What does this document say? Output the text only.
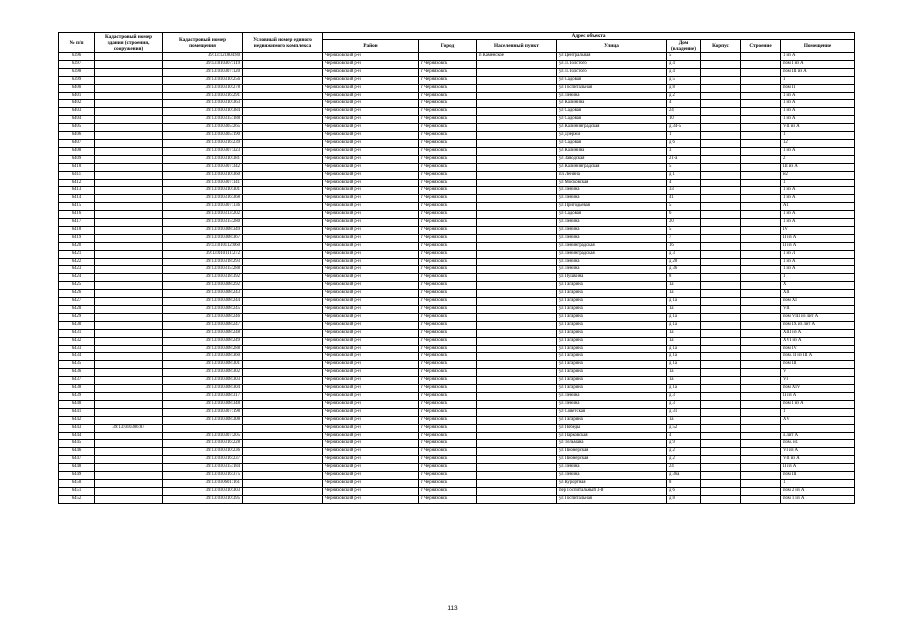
№ п/п	Кадастровый номер здания (строения, сооружения)	Кадастровый номер помещения	Условный номер единого недвижимого комплекса	Адрес объекта							
				Район	Город	Населенный пункт	Улица	Дом (владение)	Корпус	Строение	Помещение
6396		39:13:121804:80		Черняховский р-н		п Каменское	ул Центральная	5			1 из А
6397		39:13:010307:119		Черняховский р-н	г Черняховск		ул Л.Толстого	д 4			пом I из А
6398		39:13:010307:120		Черняховский р-н	г Черняховск		ул Л.Толстого	д 4			пом III из А
6399		39:13:010310:256		Черняховский р-н	г Черняховск		ул Садовая	д 5			1
6400		39:13:010310:278		Черняховский р-н	г Черняховск		ул Госпитальная	д 8			пом II
6401		39:13:010316:291		Черняховский р-н	г Черняховск		ул Ленина	д 2			1 из А
6402		39:13:010310:363		Черняховский р-н	г Черняховск		ул Калинина	4			1 из А
6403		39:13:010310:384		Черняховский р-н	г Черняховск		ул Садовая	24			1 из А
6404		39:13:010315:188		Черняховский р-н	г Черняховск		ул Садовая	10			1 из А
6405		39:13:010305:265		Черняховский р-н	г Черняховск		ул Калининградская	д 34-5			VII из А
6406		39:13:010305:190		Черняховский р-н	г Черняховск		ул Дзержи	1			1
6407		39:13:010316:239		Черняховский р-н	г Черняховск		ул Садовая	д 6			12
6408		39:13:010307:323		Черняховский р-н	г Черняховск		ул Калинина	3			1 из А
6409		39:13:010310:381		Черняховский р-н	г Черняховск		ул Заводская	21-а			2
6410		39:13:010307:342		Черняховский р-н	г Черняховск		ул Калининградская	5			III из А
6411		39:13:010310:360		Черняховский р-н	г Черняховск		пл Ленина	д 1			н2
6412		39:13:010307:141		Черняховский р-н	г Черняховск		ул Московская	4			1
6413		39:13:010310:301		Черняховский р-н	г Черняховск		ул Ленина	33			1 из А
6414		39:13:010316:368		Черняховский р-н	г Черняховск		ул Ленина	41			1 из А
6415		39:13:010307:136		Черняховский р-н	г Черняховск		ул Пригодьевая	5			А1
6416		39:13:010313:202		Черняховский р-н	г Черняховск		ул Садовая	6			1 из А
6417		39:13:010315:280		Черняховский р-н	г Черняховск		ул Ленина	20			1 из А
6418		39:13:010308:349		Черняховский р-н	г Черняховск		ул Ленина	5			IV
6419		39:13:010308:367		Черняховский р-н	г Черняховск		ул Ленина	7			II из А
6420		39:13:010112:060		Черняховский р-н	г Черняховск		ул Ленинградская	16			II из А
6421		39:13:010111:272		Черняховский р-н	г Черняховск		ул Ленинградская	д 3			1 из Л
6422		39:13:010318:293		Черняховский р-н	г Черняховск		ул Ленина	д 28			1 из А
6423		39:13:010315:288		Черняховский р-н	г Черняховск		ул Ленина	д 36			1 из А
6424		39:13:010318:392		Черняховский р-н	г Черняховск		ул Пушкина	8			1
6425		39:13:010308:292		Черняховский р-н	г Черняховск		ул Гагарина	1а			Х
6426		39:13:010308:243		Черняховский р-н	г Черняховск		ул Гагарина	1а			XII
6427		39:13:010308:244		Черняховский р-н	г Черняховск		ул Гагарина	д 1а			пом XI
6428		39:13:010308:245		Черняховский р-н	г Черняховск		ул Гагарина	1а			VII
6429		39:13:010308:246		Черняховский р-н	г Черняховск		ул Гагарина	д 1а			пом VIII из лит А
6430		39:13:010308:247		Черняховский р-н	г Черняховск		ул Гагарина	д 1а			пом IX из лит А
6431		39:13:010308:248		Черняховский р-н	г Черняховск		ул Гагарина	1а			XIII из А
6432		39:13:010308:249		Черняховский р-н	г Черняховск		ул Гагарина	1а			XVI из А
6433		39:13:010308:288		Черняховский р-н	г Черняховск		ул Гагарина	д 1а			пом IV
6434		39:13:010308:360		Черняховский р-н	г Черняховск		ул Гагарина	д 1а			пом. II из III А
6435		39:13:010308:301		Черняховский р-н	г Черняховск		ул Гагарина	д 1а			пом III
6436		39:13:010308:302		Черняховский р-н	г Черняховск		ул Гагарина	1а			V
6437		39:13:010308:303		Черняховский р-н	г Черняховск		ул Гагарина	1а			VI
6438		39:13:010308:304		Черняховский р-н	г Черняховск		ул Гагарина	д 1а			пом XIV
6439		39:13:010308:317		Черняховский р-н	г Черняховск		ул Ленина	д 3			II из А
6440		39:13:010308:348		Черняховский р-н	г Черняховск		ул Ленина	д 3			пом I из А
6441		39:13:010307:198		Черняховский р-н	г Черняховск		ул Советская	д 31			1
6442		39:13:010308:308		Черняховский р-н	г Черняховск		ул Гагарина	1а			XV
6443	39:13:010306:87			Черняховский р-н	г Черняховск		ул Победы	д 52			
6444		39:13:010307:205		Черняховский р-н	г Черняховск		ул Парковская	4			л.лит А
6445		39:13:010316:228		Черняховский р-н	г Черняховск		ул Тельмана	д 9			пом. н1
6446		39:13:010310:236		Черняховский р-н	г Черняховск		ул Пионерская	д 2			VI из А
6447		39:13:010316:237		Черняховский р-н	г Черняховск		ул Пионерская	д 2			VII из А
6448		39:13:010315:184		Черняховский р-н	г Черняховск		ул Ленина	24			II из А
6449		39:13:010316:375		Черняховский р-н	г Черняховск		ул Ленина	д 36а			пом III
6450		39:13:010601:161		Черняховский р-н	г Черняховск		ул Курортная	8			1
6451		39:13:010310:303		Черняховский р-н	г Черняховск		пер Госпитальный 3-й	д 6			пом 2 из А
6452		39:13:010310:395		Черняховский р-н	г Черняховск		ул Госпитальная	д 8			пом 1 из А
113
